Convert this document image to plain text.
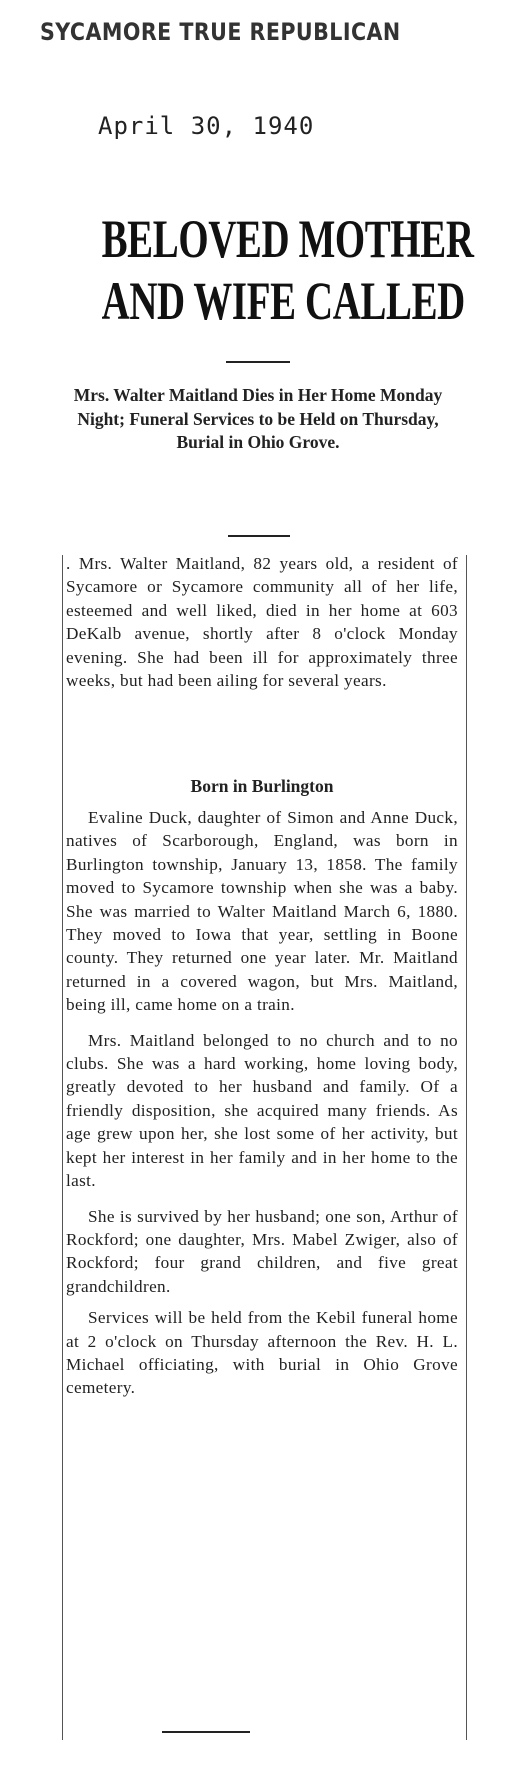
SYCAMORE TRUE REPUBLICAN
April 30, 1940
BELOVED MOTHER
AND WIFE CALLED
Mrs. Walter Maitland Dies in Her Home Monday Night; Funeral Services to be Held on Thursday, Burial in Ohio Grove.
. Mrs. Walter Maitland, 82 years old, a resident of Sycamore or Sycamore community all of her life, esteemed and well liked, died in her home at 603 DeKalb avenue, shortly after 8 o'clock Monday evening. She had been ill for approximately three weeks, but had been ailing for several years.
Born in Burlington
Evaline Duck, daughter of Simon and Anne Duck, natives of Scarborough, England, was born in Burlington township, January 13, 1858. The family moved to Sycamore township when she was a baby. She was married to Walter Maitland March 6, 1880. They moved to Iowa that year, settling in Boone county. They returned one year later. Mr. Maitland returned in a covered wagon, but Mrs. Maitland, being ill, came home on a train.
Mrs. Maitland belonged to no church and to no clubs. She was a hard working, home loving body, greatly devoted to her husband and family. Of a friendly disposition, she acquired many friends. As age grew upon her, she lost some of her activity, but kept her interest in her family and in her home to the last.
She is survived by her husband; one son, Arthur of Rockford; one daughter, Mrs. Mabel Zwiger, also of Rockford; four grand children, and five great grandchildren.
Services will be held from the Kebil funeral home at 2 o'clock on Thursday afternoon the Rev. H. L. Michael officiating, with burial in Ohio Grove cemetery.
